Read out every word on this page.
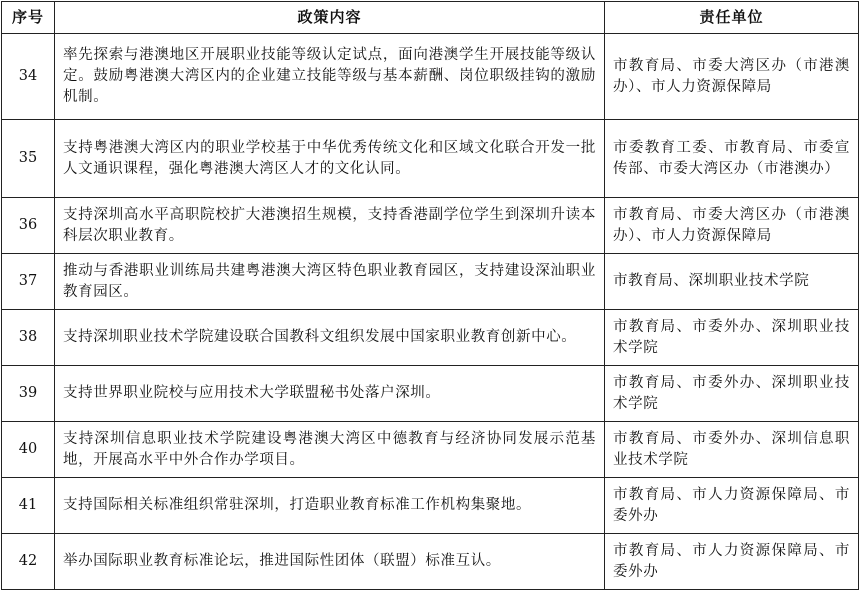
序号	政策内容	责任单位
34	率先探索与港澳地区开展职业技能等级认定试点，面向港澳学生开展技能等级认定。鼓励粤港澳大湾区内的企业建立技能等级与基本薪酬、岗位职级挂钩的激励机制。	市教育局、市委大湾区办（市港澳办）、市人力资源保障局
35	支持粤港澳大湾区内的职业学校基于中华优秀传统文化和区域文化联合开发一批人文通识课程，强化粤港澳大湾区人才的文化认同。	市委教育工委、市教育局、市委宣传部、市委大湾区办（市港澳办）
36	支持深圳高水平高职院校扩大港澳招生规模，支持香港副学位学生到深圳升读本科层次职业教育。	市教育局、市委大湾区办（市港澳办）、市人力资源保障局
37	推动与香港职业训练局共建粤港澳大湾区特色职业教育园区，支持建设深汕职业教育园区。	市教育局、深圳职业技术学院
38	支持深圳职业技术学院建设联合国教科文组织发展中国家职业教育创新中心。	市教育局、市委外办、深圳职业技术学院
39	支持世界职业院校与应用技术大学联盟秘书处落户深圳。	市教育局、市委外办、深圳职业技术学院
40	支持深圳信息职业技术学院建设粤港澳大湾区中德教育与经济协同发展示范基地，开展高水平中外合作办学项目。	市教育局、市委外办、深圳信息职业技术学院
41	支持国际相关标准组织常驻深圳，打造职业教育标准工作机构集聚地。	市教育局、市人力资源保障局、市委外办
42	举办国际职业教育标准论坛，推进国际性团体（联盟）标准互认。	市教育局、市人力资源保障局、市委外办
